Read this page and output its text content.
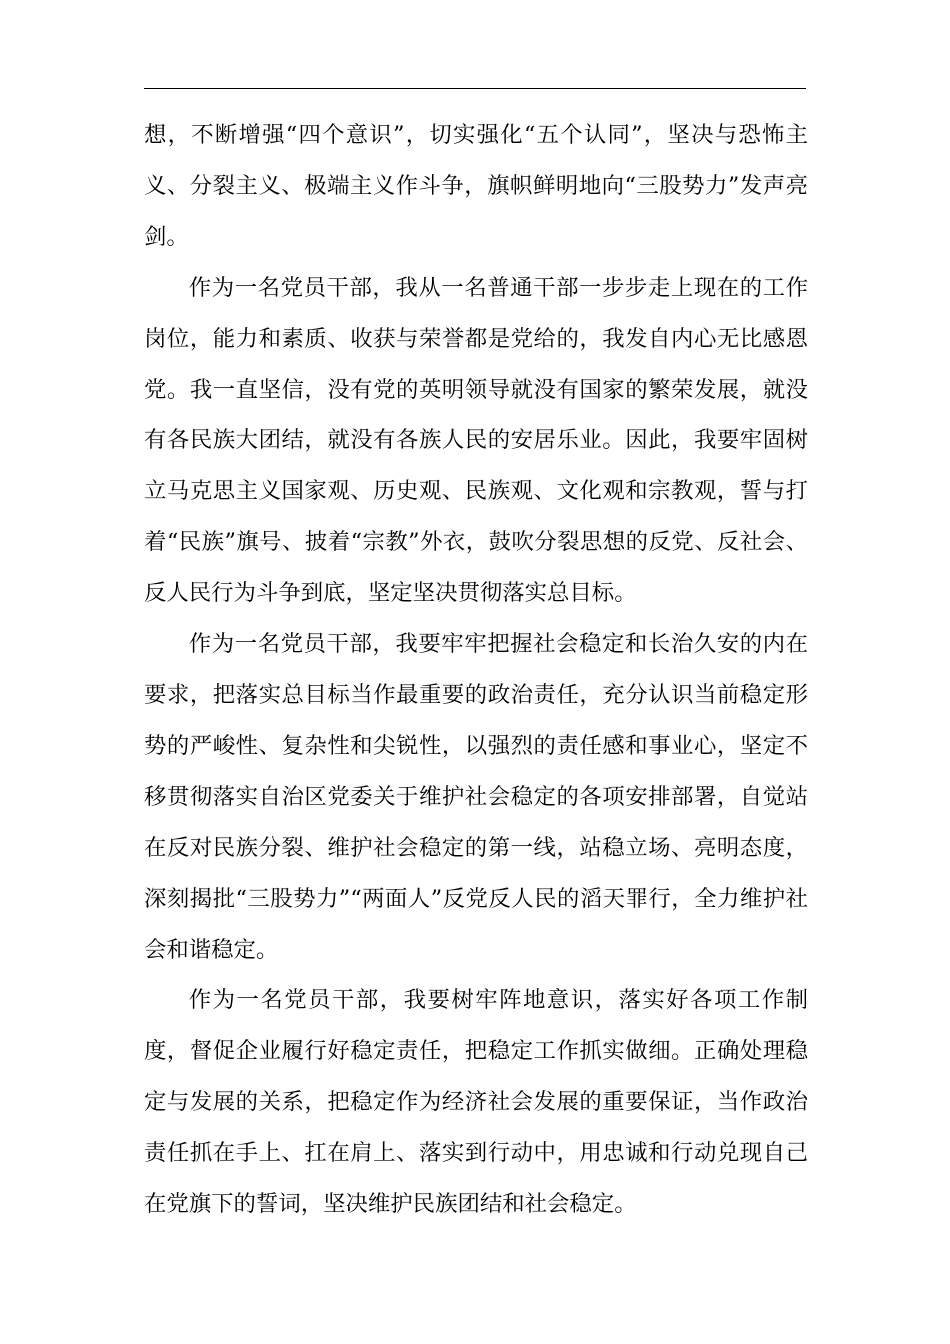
想，不断增强“四个意识”，切实强化“五个认同”，坚决与恐怖主义、分裂主义、极端主义作斗争，旗帜鲜明地向“三股势力”发声亮剑。

作为一名党员干部，我从一名普通干部一步步走上现在的工作岗位，能力和素质、收获与荣誉都是党给的，我发自内心无比感恩党。我一直坚信，没有党的英明领导就没有国家的繁荣发展，就没有各民族大团结，就没有各族人民的安居乐业。因此，我要牢固树立马克思主义国家观、历史观、民族观、文化观和宗教观，誓与打着“民族”旗号、披着“宗教”外衣，鼓吹分裂思想的反党、反社会、反人民行为斗争到底，坚定坚决贯彻落实总目标。

作为一名党员干部，我要牢牢把握社会稳定和长治久安的内在要求，把落实总目标当作最重要的政治责任，充分认识当前稳定形势的严峻性、复杂性和尖锐性，以强烈的责任感和事业心，坚定不移贯彻落实自治区党委关于维护社会稳定的各项安排部署，自觉站在反对民族分裂、维护社会稳定的第一线，站稳立场、亮明态度，深刻揭批“三股势力”“两面人”反党反人民的滔天罪行，全力维护社会和谐稳定。

作为一名党员干部，我要树牢阵地意识，落实好各项工作制度，督促企业履行好稳定责任，把稳定工作抓实做细。正确处理稳定与发展的关系，把稳定作为经济社会发展的重要保证，当作政治责任抓在手上、扛在肩上、落实到行动中，用忠诚和行动兑现自己在党旗下的誓词，坚决维护民族团结和社会稳定。
